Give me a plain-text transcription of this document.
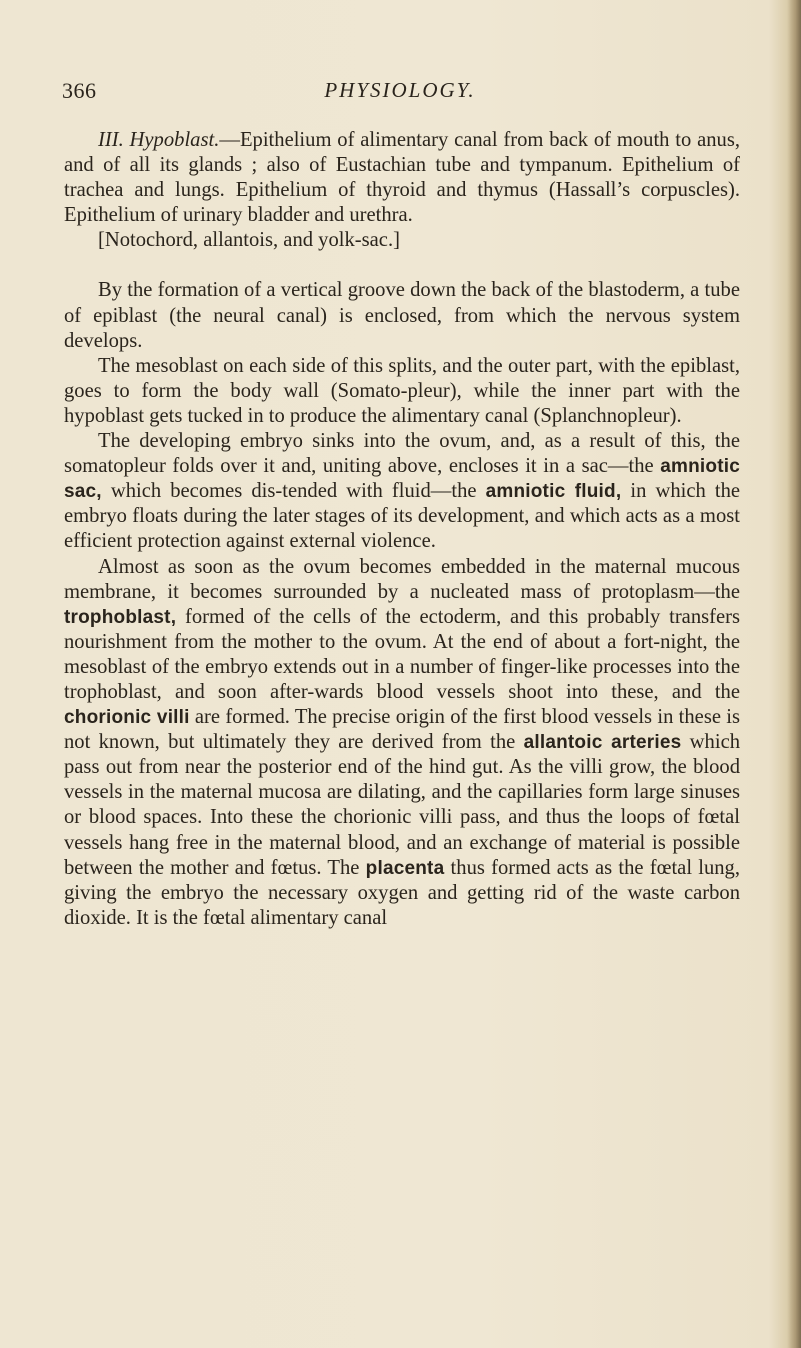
366	PHYSIOLOGY.

III. Hypoblast.—Epithelium of alimentary canal from back of mouth to anus, and of all its glands ; also of Eustachian tube and tympanum. Epithelium of trachea and lungs. Epithelium of thyroid and thymus (Hassall’s corpuscles). Epithelium of urinary bladder and urethra.

[Notochord, allantois, and yolk-sac.]

By the formation of a vertical groove down the back of the blastoderm, a tube of epiblast (the neural canal) is enclosed, from which the nervous system develops.

The mesoblast on each side of this splits, and the outer part, with the epiblast, goes to form the body wall (Somato-pleur), while the inner part with the hypoblast gets tucked in to produce the alimentary canal (Splanchnopleur).

The developing embryo sinks into the ovum, and, as a result of this, the somatopleur folds over it and, uniting above, encloses it in a sac—the amniotic sac, which becomes dis-tended with fluid—the amniotic fluid, in which the embryo floats during the later stages of its development, and which acts as a most efficient protection against external violence.

Almost as soon as the ovum becomes embedded in the maternal mucous membrane, it becomes surrounded by a nucleated mass of protoplasm—the trophoblast, formed of the cells of the ectoderm, and this probably transfers nourishment from the mother to the ovum. At the end of about a fort-night, the mesoblast of the embryo extends out in a number of finger-like processes into the trophoblast, and soon after-wards blood vessels shoot into these, and the chorionic villi are formed. The precise origin of the first blood vessels in these is not known, but ultimately they are derived from the allantoic arteries which pass out from near the posterior end of the hind gut. As the villi grow, the blood vessels in the maternal mucosa are dilating, and the capillaries form large sinuses or blood spaces. Into these the chorionic villi pass, and thus the loops of fœtal vessels hang free in the maternal blood, and an exchange of material is possible between the mother and fœtus. The placenta thus formed acts as the fœtal lung, giving the embryo the necessary oxygen and getting rid of the waste carbon dioxide. It is the fœtal alimentary canal
